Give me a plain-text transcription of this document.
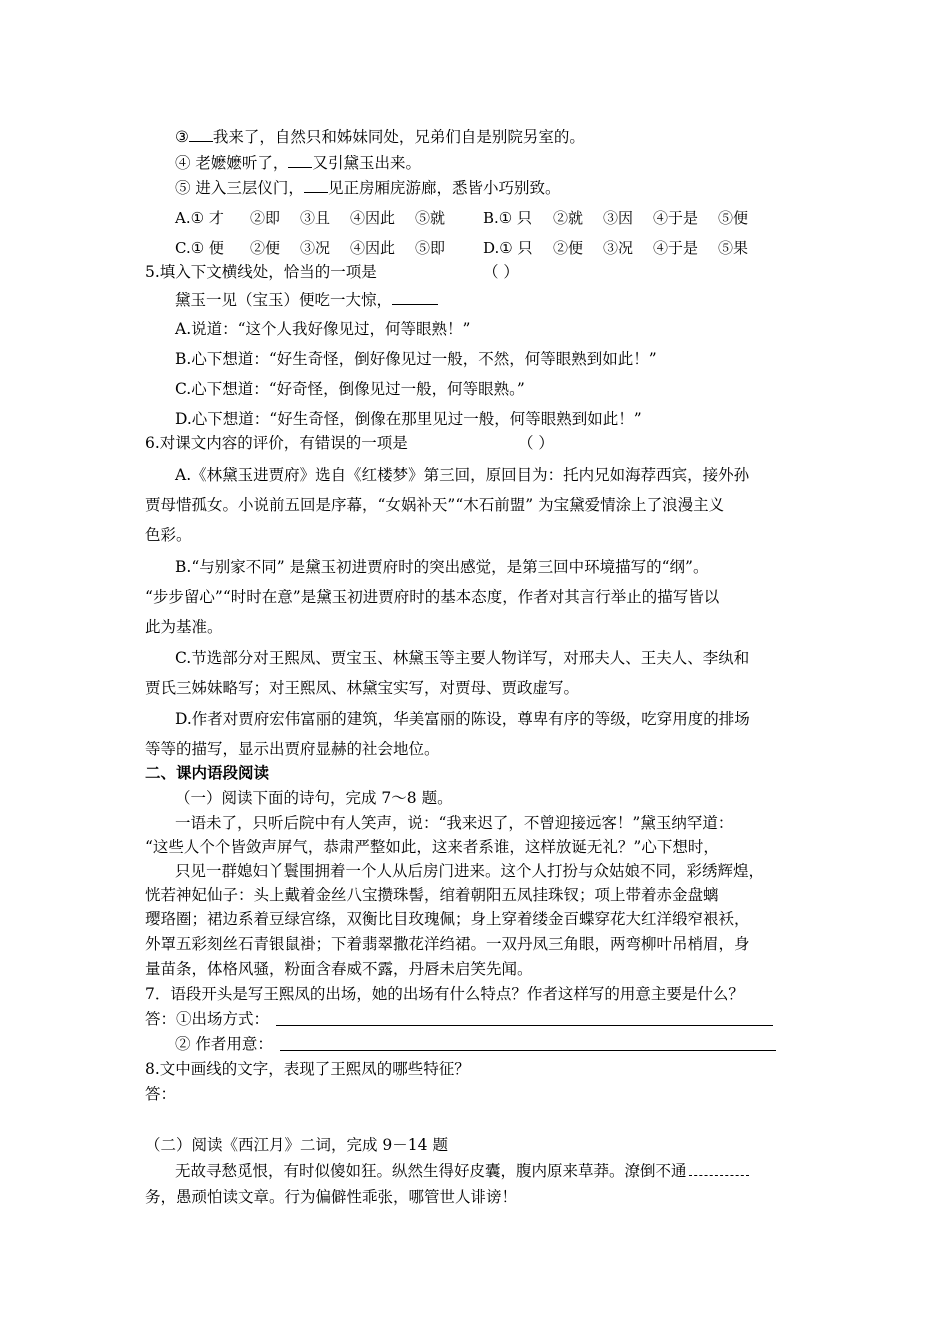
③ 我来了，自然只和姊妹同处，兄弟们自是别院另室的。
④ 老嬷嬷听了， 又引黛玉出来。
⑤ 进入三层仪门， 见正房厢庑游廊，悉皆小巧别致。
A.① 才 ②即 ③且 ④因此 ⑤就	B.① 只 ②就 ③因 ④于是 ⑤便
C.① 便 ②便 ③况 ④因此 ⑤即	D.① 只 ②便 ③况 ④于是 ⑤果
5.填入下文横线处，恰当的一项是	（ ）
黛玉一见（宝玉）便吃一大惊，
A.说道：“这个人我好像见过，何等眼熟！”
B.心下想道：“好生奇怪，倒好像见过一般，不然，何等眼熟到如此！”
C.心下想道：“好奇怪，倒像见过一般，何等眼熟。”
D.心下想道：“好生奇怪，倒像在那里见过一般，何等眼熟到如此！”
6.对课文内容的评价，有错误的一项是	（ ）
A.《林黛玉进贾府》选自《红楼梦》第三回，原回目为：托内兄如海荐西宾，接外孙
贾母惜孤女。小说前五回是序幕，“女娲补天”“木石前盟” 为宝黛爱情涂上了浪漫主义
色彩。
B.“与别家不同” 是黛玉初进贾府时的突出感觉，是第三回中环境描写的“纲”。
“步步留心”“时时在意”是黛玉初进贾府时的基本态度，作者对其言行举止的描写皆以
此为基准。
C.节选部分对王熙凤、贾宝玉、林黛玉等主要人物详写，对邢夫人、王夫人、李纨和
贾氏三姊妹略写；对王熙凤、林黛宝实写，对贾母、贾政虚写。
D.作者对贾府宏伟富丽的建筑，华美富丽的陈设，尊卑有序的等级，吃穿用度的排场
等等的描写，显示出贾府显赫的社会地位。
二、课内语段阅读
（一）阅读下面的诗句，完成 7～8 题。
一语未了，只听后院中有人笑声，说：“我来迟了，不曾迎接远客！”黛玉纳罕道：
“这些人个个皆敛声屏气，恭肃严整如此，这来者系谁，这样放诞无礼？”心下想时，
只见一群媳妇丫鬟围拥着一个人从后房门进来。这个人打扮与众姑娘不同，彩绣辉煌，
恍若神妃仙子：头上戴着金丝八宝攒珠髻，绾着朝阳五凤挂珠钗；项上带着赤金盘螭
璎珞圈；裙边系着豆绿宫绦，双衡比目玫瑰佩；身上穿着缕金百蝶穿花大红洋缎窄裉袄，
外罩五彩刻丝石青银鼠褂；下着翡翠撒花洋绉裙。一双丹凤三角眼，两弯柳叶吊梢眉，身
量苗条，体格风骚，粉面含春威不露，丹唇未启笑先闻。
7．语段开头是写王熙凤的出场，她的出场有什么特点？作者这样写的用意主要是什么？
答：①出场方式：
② 作者用意：
8.文中画线的文字，表现了王熙凤的哪些特征？
答：
（二）阅读《西江月》二词，完成 9－14 题
无故寻愁觅恨，有时似傻如狂。纵然生得好皮囊，腹内原来草莽。潦倒不通
务，愚顽怕读文章。行为偏僻性乖张，哪管世人诽谤！
